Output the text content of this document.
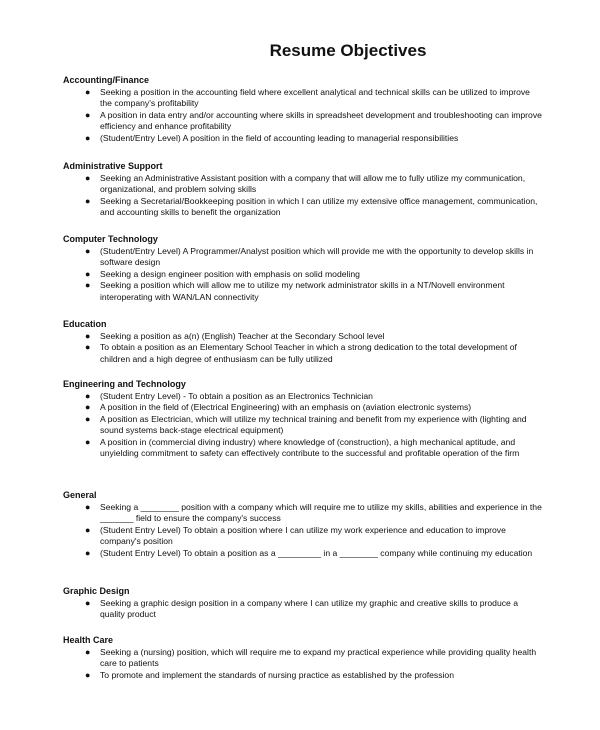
Resume Objectives
Accounting/Finance
● Seeking a position in the accounting field where excellent analytical and technical skills can be utilized to improve the company's profitability
● A position in data entry and/or accounting where skills in spreadsheet development and troubleshooting can improve efficiency and enhance profitability
● (Student/Entry Level) A position in the field of accounting leading to managerial responsibilities
Administrative Support
● Seeking an Administrative Assistant position with a company that will allow me to fully utilize my communication, organizational, and problem solving skills
● Seeking a Secretarial/Bookkeeping position in which I can utilize my extensive office management, communication, and accounting skills to benefit the organization
Computer Technology
● (Student/Entry Level) A Programmer/Analyst position which will provide me with the opportunity to develop skills in software design
● Seeking a design engineer position with emphasis on solid modeling
● Seeking a position which will allow me to utilize my network administrator skills in a NT/Novell environment interoperating with WAN/LAN connectivity
Education
● Seeking a position as a(n) (English) Teacher at the Secondary School level
● To obtain a position as an Elementary School Teacher in which a strong dedication to the total development of children and a high degree of enthusiasm can be fully utilized
Engineering and Technology
● (Student Entry Level) - To obtain a position as an Electronics Technician
● A position in the field of (Electrical Engineering) with an emphasis on (aviation electronic systems)
● A position as Electrician, which will utilize my technical training and benefit from my experience with (lighting and sound systems back-stage electrical equipment)
● A position in (commercial diving industry) where knowledge of (construction), a high mechanical aptitude, and unyielding commitment to safety can effectively contribute to the successful and profitable operation of the firm
General
● Seeking a ________ position with a company which will require me to utilize my skills, abilities and experience in the _______ field to ensure the company's success
● (Student Entry Level) To obtain a position where I can utilize my work experience and education to improve company's position
● (Student Entry Level) To obtain a position as a _________ in a ________ company while continuing my education
Graphic Design
● Seeking a graphic design position in a company where I can utilize my graphic and creative skills to produce a quality product
Health Care
● Seeking a (nursing) position, which will require me to expand my practical experience while providing quality health care to patients
● To promote and implement the standards of nursing practice as established by the profession
